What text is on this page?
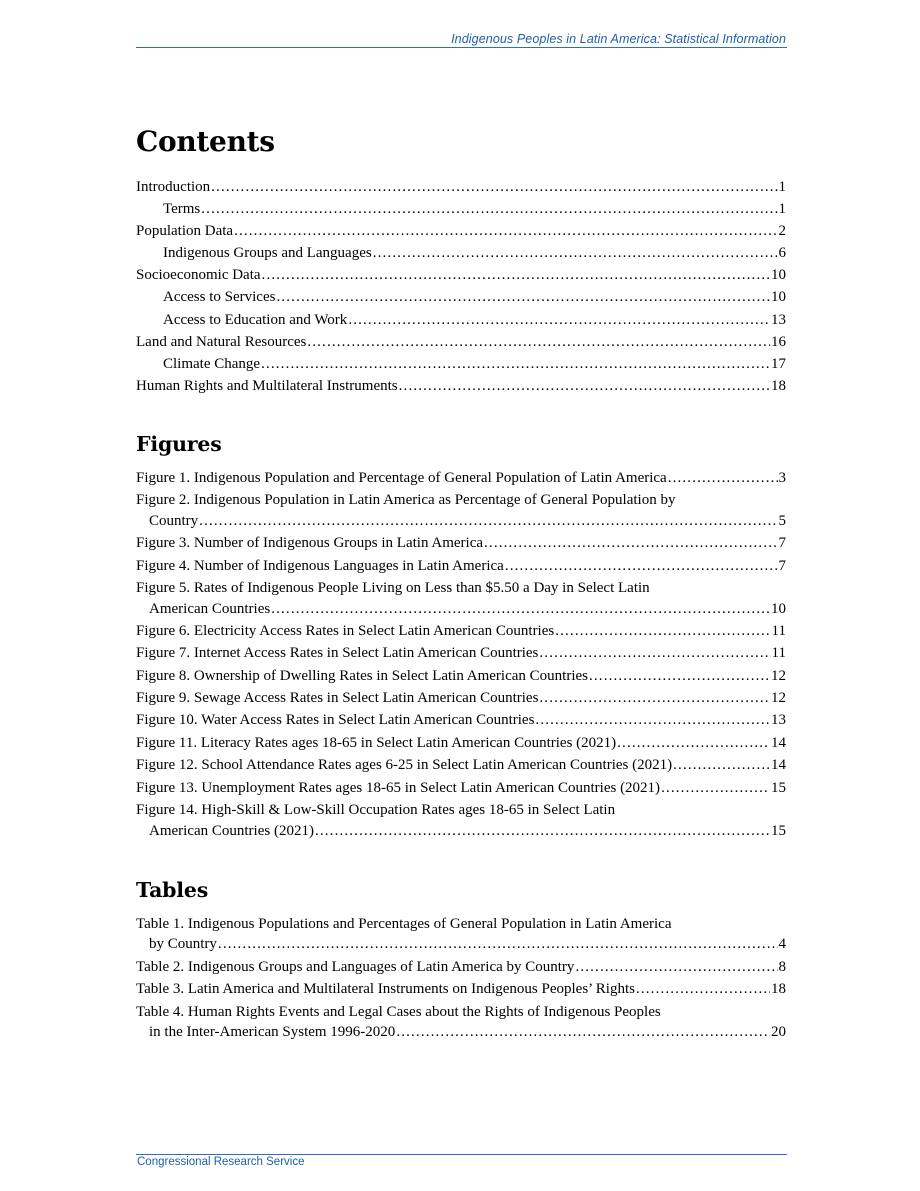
Indigenous Peoples in Latin America: Statistical Information
Contents
Introduction . . .	1
Terms . . .	1
Population Data . . .	2
Indigenous Groups and Languages . . .	6
Socioeconomic Data . . .	10
Access to Services . . .	10
Access to Education and Work . . .	13
Land and Natural Resources . . .	16
Climate Change . . .	17
Human Rights and Multilateral Instruments . . .	18
Figures
Figure 1. Indigenous Population and Percentage of General Population of Latin America . . .	3
Figure 2. Indigenous Population in Latin America as Percentage of General Population by
Country . . .	5
Figure 3. Number of Indigenous Groups in Latin America . . .	7
Figure 4. Number of Indigenous Languages in Latin America . . .	7
Figure 5. Rates of Indigenous People Living on Less than $5.50 a Day in Select Latin
American Countries . . .	10
Figure 6. Electricity Access Rates in Select Latin American Countries . . .	11
Figure 7. Internet Access Rates in Select Latin American Countries . . .	11
Figure 8. Ownership of Dwelling Rates in Select Latin American Countries . . .	12
Figure 9. Sewage Access Rates in Select Latin American Countries . . .	12
Figure 10. Water Access Rates in Select Latin American Countries . . .	13
Figure 11. Literacy Rates ages 18-65 in Select Latin American Countries (2021) . . .	14
Figure 12. School Attendance Rates ages 6-25 in Select Latin American Countries (2021) . . .	14
Figure 13. Unemployment Rates ages 18-65 in Select Latin American Countries (2021) . . .	15
Figure 14. High-Skill & Low-Skill Occupation Rates ages 18-65 in Select Latin
American Countries (2021) . . .	15
Tables
Table 1. Indigenous Populations and Percentages of General Population in Latin America
by Country . . .	4
Table 2. Indigenous Groups and Languages of Latin America by Country . . .	8
Table 3. Latin America and Multilateral Instruments on Indigenous Peoples’ Rights . . .	18
Table 4. Human Rights Events and Legal Cases about the Rights of Indigenous Peoples
in the Inter-American System 1996-2020 . . .	20
Congressional Research Service
